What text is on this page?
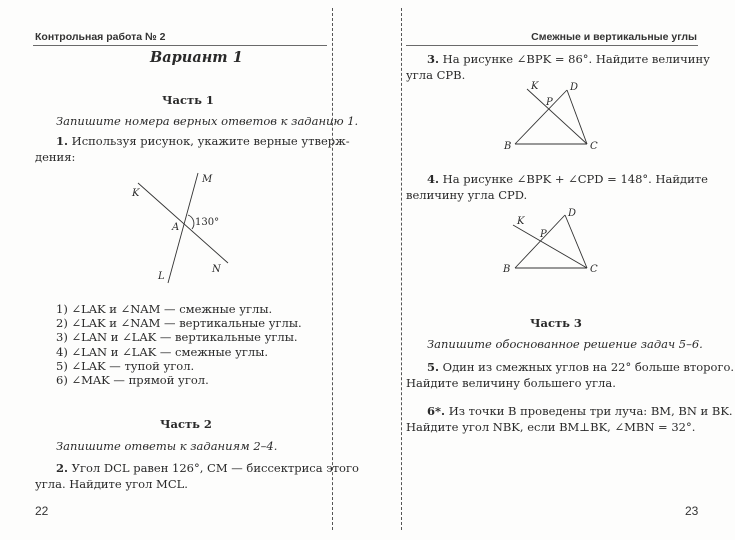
Контрольная работа № 2
Вариант 1
Часть 1
Запишите номера верных ответов к заданию 1.
1. Используя рисунок, укажите верные утверж-
дения:
K
M
A
L
N
130°
1) ∠LAK и ∠NAM — смежные углы.
2) ∠LAK и ∠NAM — вертикальные углы.
3) ∠LAN и ∠LAK — вертикальные углы.
4) ∠LAN и ∠LAK — смежные углы.
5) ∠LAK — тупой угол.
6) ∠MAK — прямой угол.
Часть 2
Запишите ответы к заданиям 2–4.
2. Угол DCL равен 126°, CM — биссектриса этого
угла. Найдите угол MCL.
22
Смежные и вертикальные углы
3. На рисунке ∠BPK = 86°. Найдите величину
угла CPB.
K	D
P
B	C
4. На рисунке ∠BPK + ∠CPD = 148°. Найдите
величину угла CPD.
K
D
P
B	C
Часть 3
Запишите обоснованное решение задач 5–6.
5. Один из смежных углов на 22° больше второго.
Найдите величину большего угла.
6*. Из точки B проведены три луча: BM, BN и BK.
Найдите угол NBK, если BM⊥BK, ∠MBN = 32°.
23
